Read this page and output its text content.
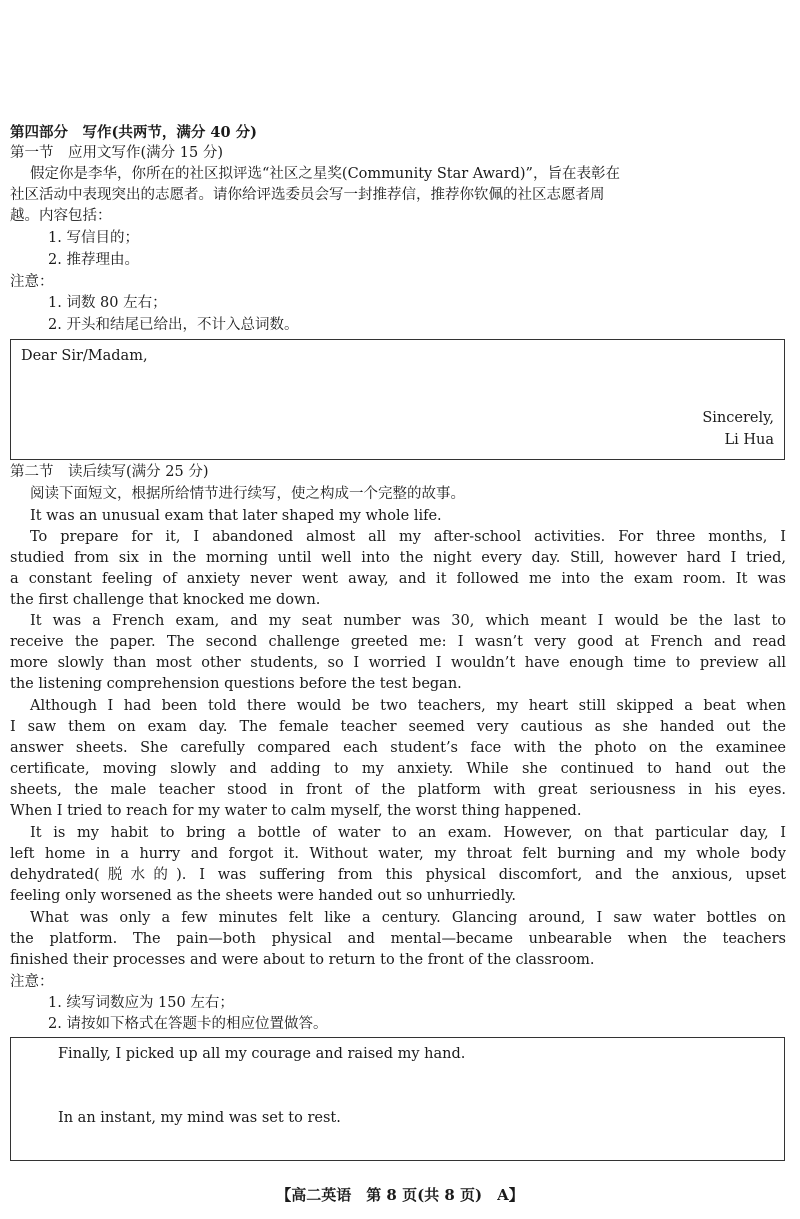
第四部分　写作(共两节，满分 40 分)
第一节　应用文写作(满分 15 分)
假定你是李华，你所在的社区拟评选“社区之星奖(Community Star Award)”，旨在表彰在
社区活动中表现突出的志愿者。请你给评选委员会写一封推荐信，推荐你钦佩的社区志愿者周
越。内容包括：
1. 写信目的；
2. 推荐理由。
注意：
1. 词数 80 左右；
2. 开头和结尾已给出，不计入总词数。
Dear Sir/Madam,
Sincerely,
Li Hua
第二节　读后续写(满分 25 分)
阅读下面短文，根据所给情节进行续写，使之构成一个完整的故事。
It was an unusual exam that later shaped my whole life.
To prepare for it, I abandoned almost all my after-school activities. For three months, I
studied from six in the morning until well into the night every day. Still, however hard I tried,
a constant feeling of anxiety never went away, and it followed me into the exam room. It was
the first challenge that knocked me down.
It was a French exam, and my seat number was 30, which meant I would be the last to
receive the paper. The second challenge greeted me: I wasn’t very good at French and read
more slowly than most other students, so I worried I wouldn’t have enough time to preview all
the listening comprehension questions before the test began.
Although I had been told there would be two teachers, my heart still skipped a beat when
I saw them on exam day. The female teacher seemed very cautious as she handed out the
answer sheets. She carefully compared each student’s face with the photo on the examinee
certificate, moving slowly and adding to my anxiety. While she continued to hand out the
sheets, the male teacher stood in front of the platform with great seriousness in his eyes.
When I tried to reach for my water to calm myself, the worst thing happened.
It is my habit to bring a bottle of water to an exam. However, on that particular day, I
left home in a hurry and forgot it. Without water, my throat felt burning and my whole body
dehydrated(脱水的). I was suffering from this physical discomfort, and the anxious, upset
feeling only worsened as the sheets were handed out so unhurriedly.
What was only a few minutes felt like a century. Glancing around, I saw water bottles on
the platform. The pain—both physical and mental—became unbearable when the teachers
finished their processes and were about to return to the front of the classroom.
注意：
1. 续写词数应为 150 左右；
2. 请按如下格式在答题卡的相应位置做答。
Finally, I picked up all my courage and raised my hand.
In an instant, my mind was set to rest.
【高二英语　第 8 页(共 8 页)　A】
